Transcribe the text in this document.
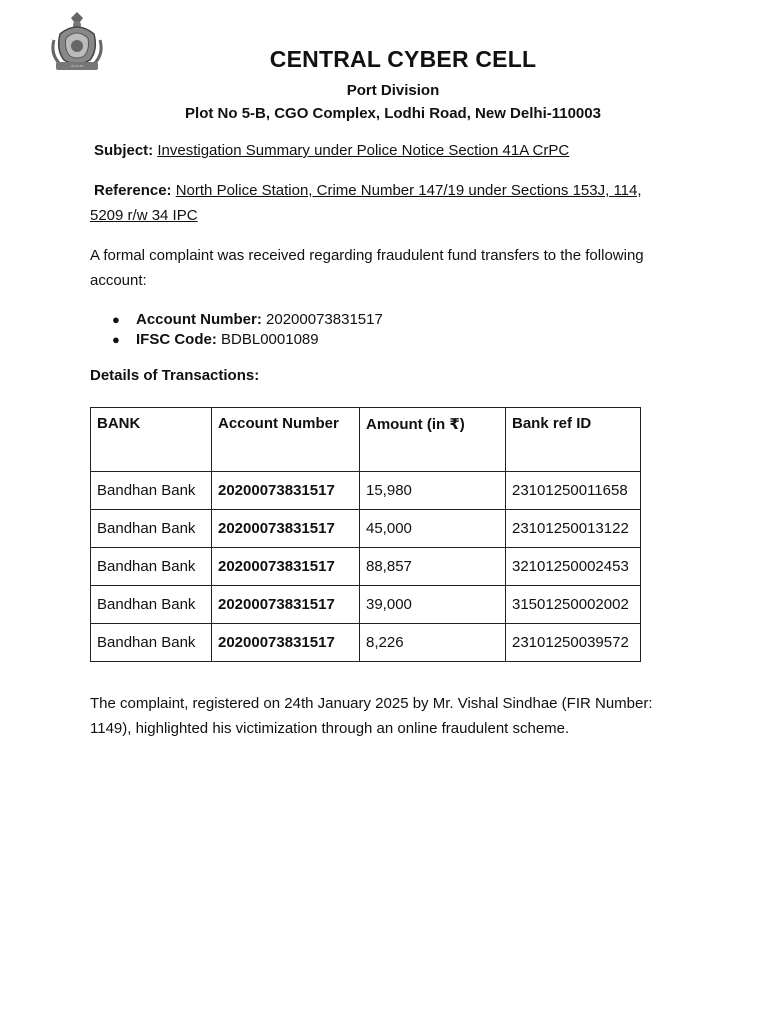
~~~	CENTRAL CYBER CELL
Port Division
Plot No 5-B, CGO Complex, Lodhi Road, New Delhi-110003
Subject: Investigation Summary under Police Notice Section 41A CrPC
Reference: North Police Station, Crime Number 147/19 under Sections 153J, 114, 5209 r/w 34 IPC
A formal complaint was received regarding fraudulent fund transfers to the following account:
●	Account Number:
20200073831517
●	IFSC Code:
BDBL0001089
Details of Transactions:
BANK	Account Number	Amount (in ₹)	Bank ref ID
Bandhan Bank	20200073831517	15,980	23101250011658
Bandhan Bank	20200073831517	45,000	23101250013122
Bandhan Bank	20200073831517	88,857	32101250002453
Bandhan Bank	20200073831517	39,000	31501250002002
Bandhan Bank	20200073831517	8,226	23101250039572
The complaint, registered on 24th January 2025 by Mr. Vishal Sindhae (FIR Number: 1149), highlighted his victimization through an online fraudulent scheme.
